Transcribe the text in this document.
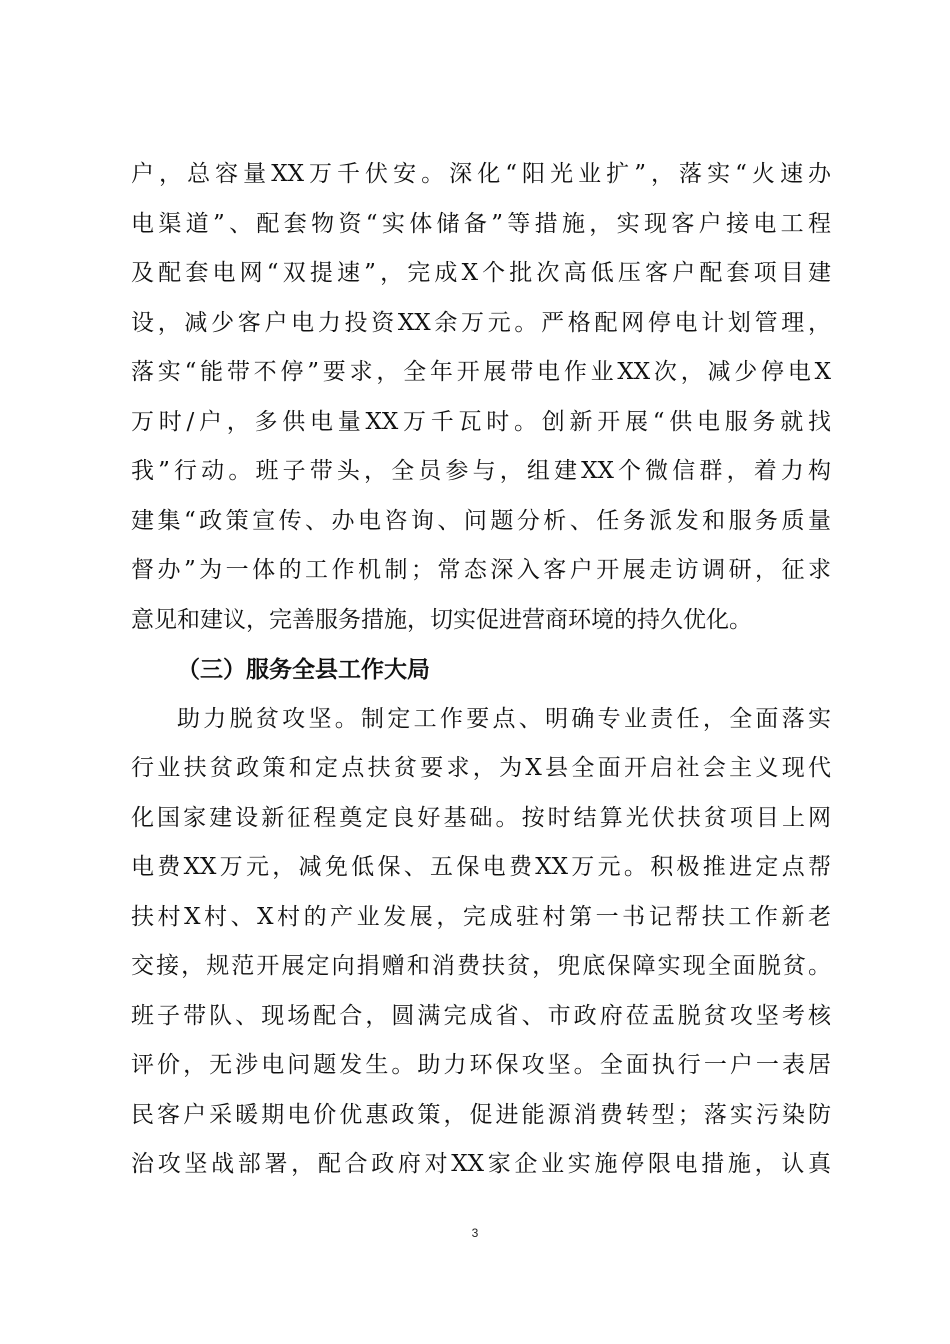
户，总容量XX万千伏安。深化“阳光业扩”，落实“火速办
电渠道”、配套物资“实体储备”等措施，实现客户接电工程
及配套电网“双提速”，完成X个批次高低压客户配套项目建
设，减少客户电力投资XX余万元。严格配网停电计划管理，
落实“能带不停”要求，全年开展带电作业XX次，减少停电X
万时/户，多供电量XX万千瓦时。创新开展“供电服务就找
我”行动。班子带头，全员参与，组建XX个微信群，着力构
建集“政策宣传、办电咨询、问题分析、任务派发和服务质量
督办”为一体的工作机制；常态深入客户开展走访调研，征求
意见和建议，完善服务措施，切实促进营商环境的持久优化。
（三）服务全县工作大局
助力脱贫攻坚。制定工作要点、明确专业责任，全面落实
行业扶贫政策和定点扶贫要求，为X县全面开启社会主义现代
化国家建设新征程奠定良好基础。按时结算光伏扶贫项目上网
电费XX万元，减免低保、五保电费XX万元。积极推进定点帮
扶村X村、X村的产业发展，完成驻村第一书记帮扶工作新老
交接，规范开展定向捐赠和消费扶贫，兜底保障实现全面脱贫。
班子带队、现场配合，圆满完成省、市政府莅盂脱贫攻坚考核
评价，无涉电问题发生。助力环保攻坚。全面执行一户一表居
民客户采暖期电价优惠政策，促进能源消费转型；落实污染防
治攻坚战部署，配合政府对XX家企业实施停限电措施，认真
3
